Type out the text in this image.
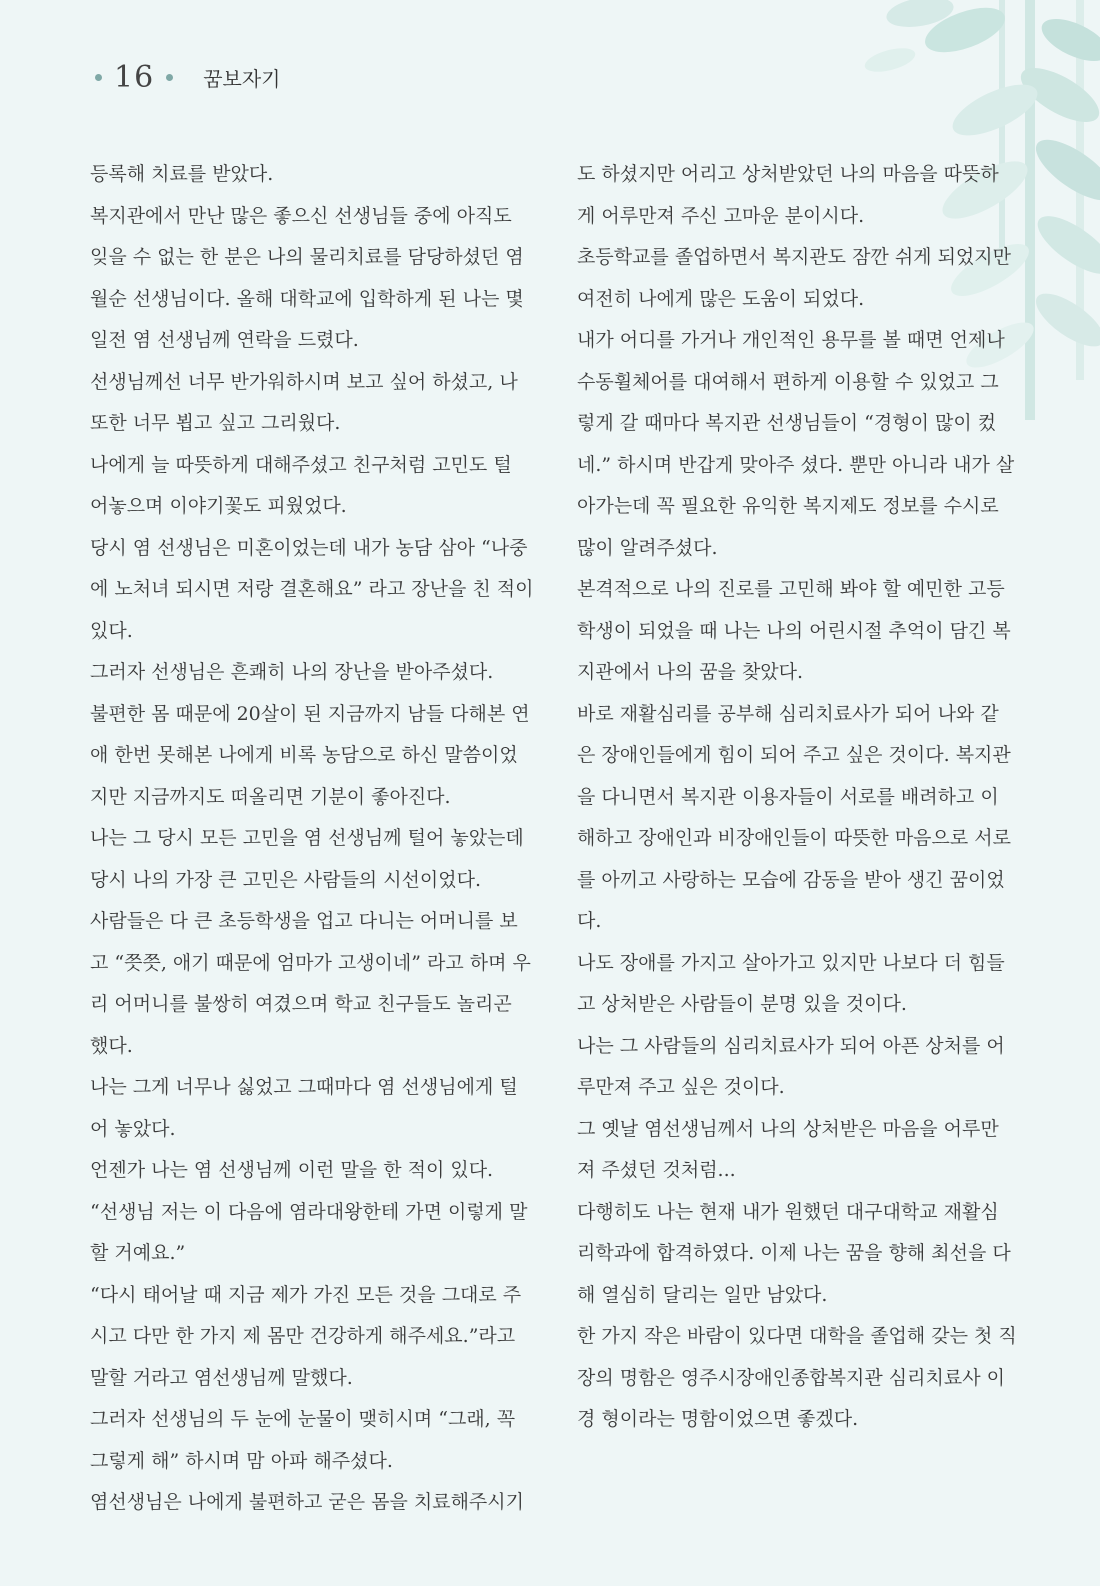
16 꿈보자기

등록해 치료를 받았다.

복지관에서 만난 많은 좋으신 선생님들 중에 아직도

잊을 수 없는 한 분은 나의 물리치료를 담당하셨던 염

월순 선생님이다. 올해 대학교에 입학하게 된 나는 몇

일전 염 선생님께 연락을 드렸다.

선생님께선 너무 반가워하시며 보고 싶어 하셨고, 나

또한 너무 뵙고 싶고 그리웠다.

나에게 늘 따뜻하게 대해주셨고 친구처럼 고민도 털

어놓으며 이야기꽃도 피웠었다.

당시 염 선생님은 미혼이었는데 내가 농담 삼아 “나중

에 노처녀 되시면 저랑 결혼해요” 라고 장난을 친 적이

있다.

그러자 선생님은 흔쾌히 나의 장난을 받아주셨다.

불편한 몸 때문에 20살이 된 지금까지 남들 다해본 연

애 한번 못해본 나에게 비록 농담으로 하신 말씀이었

지만 지금까지도 떠올리면 기분이 좋아진다.

나는 그 당시 모든 고민을 염 선생님께 털어 놓았는데

당시 나의 가장 큰 고민은 사람들의 시선이었다.

사람들은 다 큰 초등학생을 업고 다니는 어머니를 보

고 “쯧쯧, 애기 때문에 엄마가 고생이네” 라고 하며 우

리 어머니를 불쌍히 여겼으며 학교 친구들도 놀리곤

했다.

나는 그게 너무나 싫었고 그때마다 염 선생님에게 털

어 놓았다.

언젠가 나는 염 선생님께 이런 말을 한 적이 있다.

“선생님 저는 이 다음에 염라대왕한테 가면 이렇게 말

할 거예요.”

“다시 태어날 때 지금 제가 가진 모든 것을 그대로 주

시고 다만 한 가지 제 몸만 건강하게 해주세요.”라고

말할 거라고 염선생님께 말했다.

그러자 선생님의 두 눈에 눈물이 맺히시며 “그래, 꼭

그렇게 해” 하시며 맘 아파 해주셨다.

염선생님은 나에게 불편하고 굳은 몸을 치료해주시기

도 하셨지만 어리고 상처받았던 나의 마음을 따뜻하

게 어루만져 주신 고마운 분이시다.

초등학교를 졸업하면서 복지관도 잠깐 쉬게 되었지만

여전히 나에게 많은 도움이 되었다.

내가 어디를 가거나 개인적인 용무를 볼 때면 언제나

수동휠체어를 대여해서 편하게 이용할 수 있었고 그

렇게 갈 때마다 복지관 선생님들이 “경형이 많이 컸

네.” 하시며 반갑게 맞아주 셨다. 뿐만 아니라 내가 살

아가는데 꼭 필요한 유익한 복지제도 정보를 수시로

많이 알려주셨다.

본격적으로 나의 진로를 고민해 봐야 할 예민한 고등

학생이 되었을 때 나는 나의 어린시절 추억이 담긴 복

지관에서 나의 꿈을 찾았다.

바로 재활심리를 공부해 심리치료사가 되어 나와 같

은 장애인들에게 힘이 되어 주고 싶은 것이다. 복지관

을 다니면서 복지관 이용자들이 서로를 배려하고 이

해하고 장애인과 비장애인들이 따뜻한 마음으로 서로

를 아끼고 사랑하는 모습에 감동을 받아 생긴 꿈이었

다.

나도 장애를 가지고 살아가고 있지만 나보다 더 힘들

고 상처받은 사람들이 분명 있을 것이다.

나는 그 사람들의 심리치료사가 되어 아픈 상처를 어

루만져 주고 싶은 것이다.

그 옛날 염선생님께서 나의 상처받은 마음을 어루만

져 주셨던 것처럼...

다행히도 나는 현재 내가 원했던 대구대학교 재활심

리학과에 합격하였다. 이제 나는 꿈을 향해 최선을 다

해 열심히 달리는 일만 남았다.

한 가지 작은 바람이 있다면 대학을 졸업해 갖는 첫 직

장의 명함은 영주시장애인종합복지관 심리치료사 이

경 형이라는 명함이었으면 좋겠다.
